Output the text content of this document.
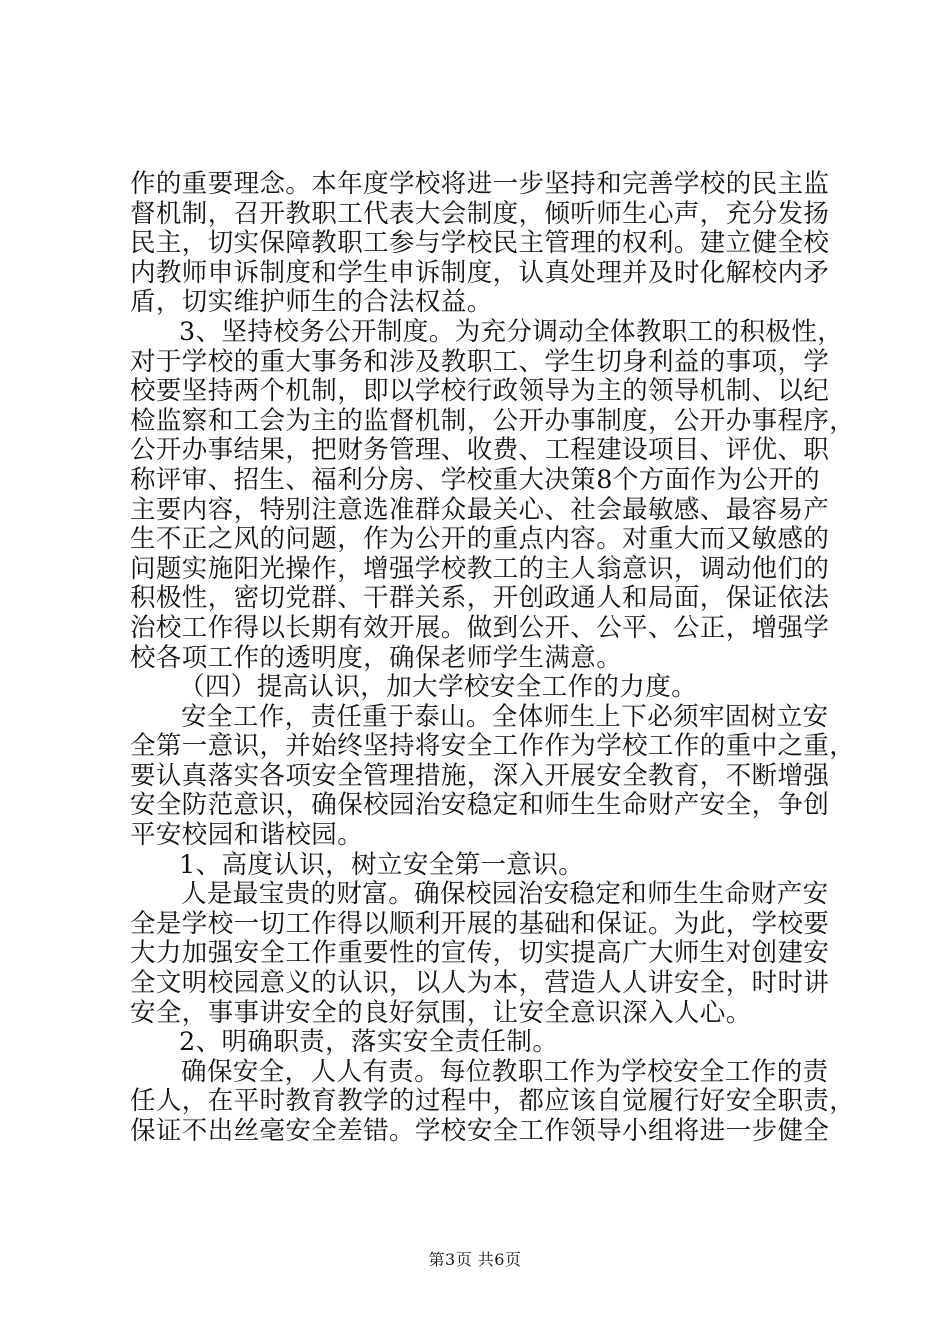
作的重要理念。本年度学校将进一步坚持和完善学校的民主监
督机制，召开教职工代表大会制度，倾听师生心声，充分发扬
民主，切实保障教职工参与学校民主管理的权利。建立健全校
内教师申诉制度和学生申诉制度，认真处理并及时化解校内矛
盾，切实维护师生的合法权益。
3、坚持校务公开制度。为充分调动全体教职工的积极性，
对于学校的重大事务和涉及教职工、学生切身利益的事项，学
校要坚持两个机制，即以学校行政领导为主的领导机制、以纪
检监察和工会为主的监督机制，公开办事制度，公开办事程序，
公开办事结果，把财务管理、收费、工程建设项目、评优、职
称评审、招生、福利分房、学校重大决策8个方面作为公开的
主要内容，特别注意选准群众最关心、社会最敏感、最容易产
生不正之风的问题，作为公开的重点内容。对重大而又敏感的
问题实施阳光操作，增强学校教工的主人翁意识，调动他们的
积极性，密切党群、干群关系，开创政通人和局面，保证依法
治校工作得以长期有效开展。做到公开、公平、公正，增强学
校各项工作的透明度，确保老师学生满意。
（四）提高认识，加大学校安全工作的力度。
安全工作，责任重于泰山。全体师生上下必须牢固树立安
全第一意识，并始终坚持将安全工作作为学校工作的重中之重，
要认真落实各项安全管理措施，深入开展安全教育，不断增强
安全防范意识，确保校园治安稳定和师生生命财产安全，争创
平安校园和谐校园。
1、高度认识，树立安全第一意识。
人是最宝贵的财富。确保校园治安稳定和师生生命财产安
全是学校一切工作得以顺利开展的基础和保证。为此，学校要
大力加强安全工作重要性的宣传，切实提高广大师生对创建安
全文明校园意义的认识，以人为本，营造人人讲安全，时时讲
安全，事事讲安全的良好氛围，让安全意识深入人心。
2、明确职责，落实安全责任制。
确保安全，人人有责。每位教职工作为学校安全工作的责
任人，在平时教育教学的过程中，都应该自觉履行好安全职责，
保证不出丝毫安全差错。学校安全工作领导小组将进一步健全
第3页 共6页
